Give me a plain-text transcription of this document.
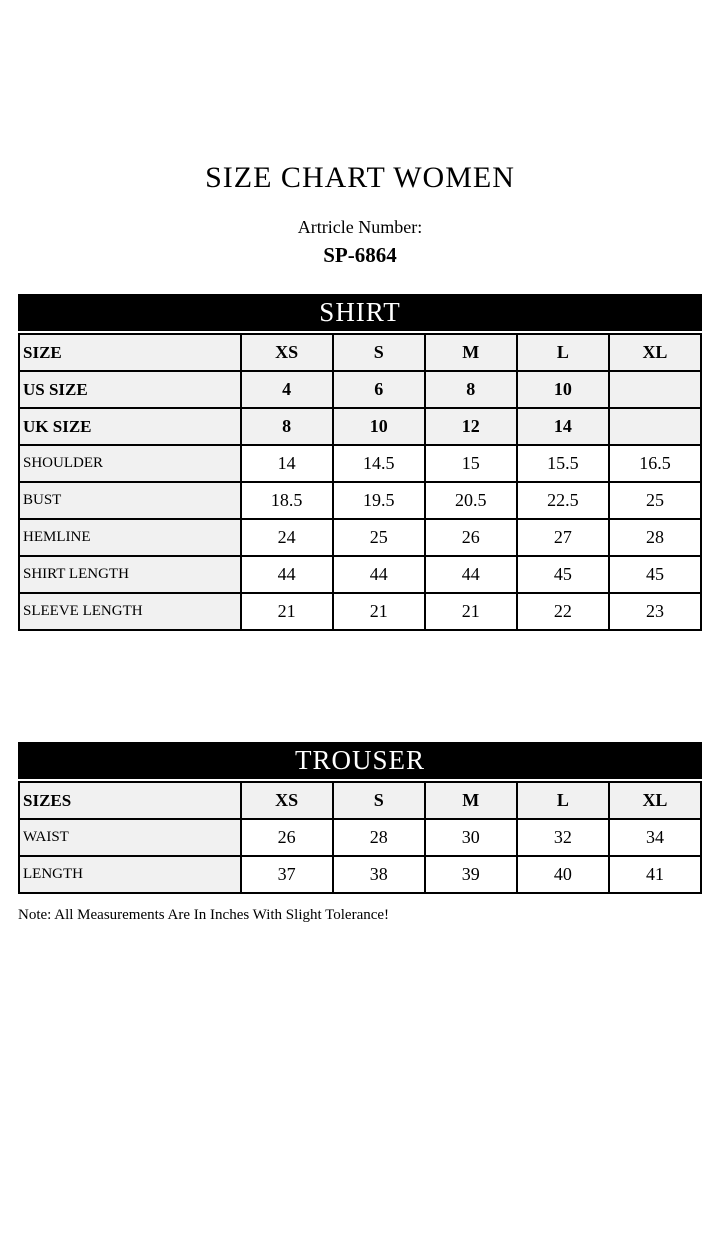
SIZE CHART WOMEN
Artricle Number:
SP-6864
SHIRT
SIZE	XS	S	M	L	XL
US SIZE	4	6	8	10	
UK SIZE	8	10	12	14	
SHOULDER	14	14.5	15	15.5	16.5
BUST	18.5	19.5	20.5	22.5	25
HEMLINE	24	25	26	27	28
SHIRT LENGTH	44	44	44	45	45
SLEEVE LENGTH	21	21	21	22	23
TROUSER
SIZES	XS	S	M	L	XL
WAIST	26	28	30	32	34
LENGTH	37	38	39	40	41
Note: All Measurements Are In Inches With Slight Tolerance!
